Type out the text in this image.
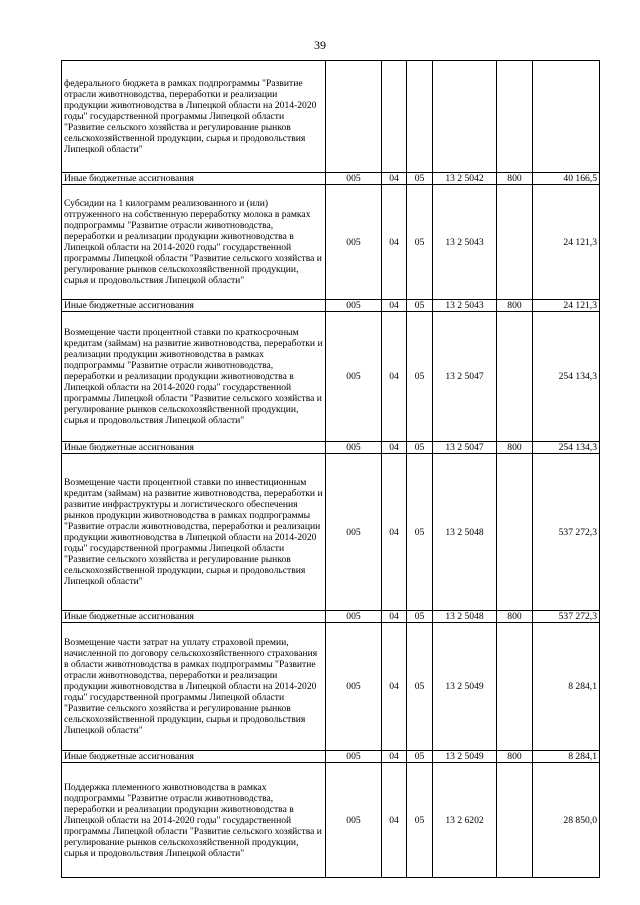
39
федерального бюджета в рамках подпрограммы "Развитие отрасли животноводства, переработки и реализации продукции животноводства в Липецкой области на 2014-2020 годы" государственной программы Липецкой области "Развитие сельского хозяйства и регулирование рынков сельскохозяйственной продукции, сырья и продовольствия Липецкой области"						
Иные бюджетные ассигнования	005	04	05	13 2 5042	800	40 166,5
Субсидии на 1 килограмм реализованного и (или) отгруженного на собственную переработку молока в рамках подпрограммы "Развитие отрасли животноводства, переработки и реализации продукции животноводства в Липецкой области на 2014-2020 годы" государственной программы Липецкой области "Развитие сельского хозяйства и регулирование рынков сельскохозяйственной продукции, сырья и продовольствия Липецкой области"	005	04	05	13 2 5043		24 121,3
Иные бюджетные ассигнования	005	04	05	13 2 5043	800	24 121,3
Возмещение части процентной ставки по краткосрочным кредитам (займам) на развитие животноводства, переработки и реализации продукции животноводства в рамках подпрограммы "Развитие отрасли животноводства, переработки и реализации продукции животноводства в Липецкой области на 2014-2020 годы" государственной программы Липецкой области "Развитие сельского хозяйства и регулирование рынков сельскохозяйственной продукции, сырья и продовольствия Липецкой области"	005	04	05	13 2 5047		254 134,3
Иные бюджетные ассигнования	005	04	05	13 2 5047	800	254 134,3
Возмещение части процентной ставки по инвестиционным кредитам (займам) на развитие животноводства, переработки и развитие инфраструктуры и логистического обеспечения рынков продукции животноводства в рамках подпрограммы "Развитие отрасли животноводства, переработки и реализации продукции животноводства в Липецкой области на 2014-2020 годы" государственной программы Липецкой области "Развитие сельского хозяйства и регулирование рынков сельскохозяйственной продукции, сырья и продовольствия Липецкой области"	005	04	05	13 2 5048		537 272,3
Иные бюджетные ассигнования	005	04	05	13 2 5048	800	537 272,3
Возмещение части затрат на уплату страховой премии, начисленной по договору сельскохозяйственного страхования в области животноводства в рамках подпрограммы "Развитие отрасли животноводства, переработки и реализации продукции животноводства в Липецкой области на 2014-2020 годы" государственной программы Липецкой области "Развитие сельского хозяйства и регулирование рынков сельскохозяйственной продукции, сырья и продовольствия Липецкой области"	005	04	05	13 2 5049		8 284,1
Иные бюджетные ассигнования	005	04	05	13 2 5049	800	8 284,1
Поддержка племенного животноводства в рамках подпрограммы "Развитие отрасли животноводства, переработки и реализации продукции животноводства в Липецкой области на 2014-2020 годы" государственной программы Липецкой области "Развитие сельского хозяйства и регулирование рынков сельскохозяйственной продукции, сырья и продовольствия Липецкой области"	005	04	05	13 2 6202		28 850,0
